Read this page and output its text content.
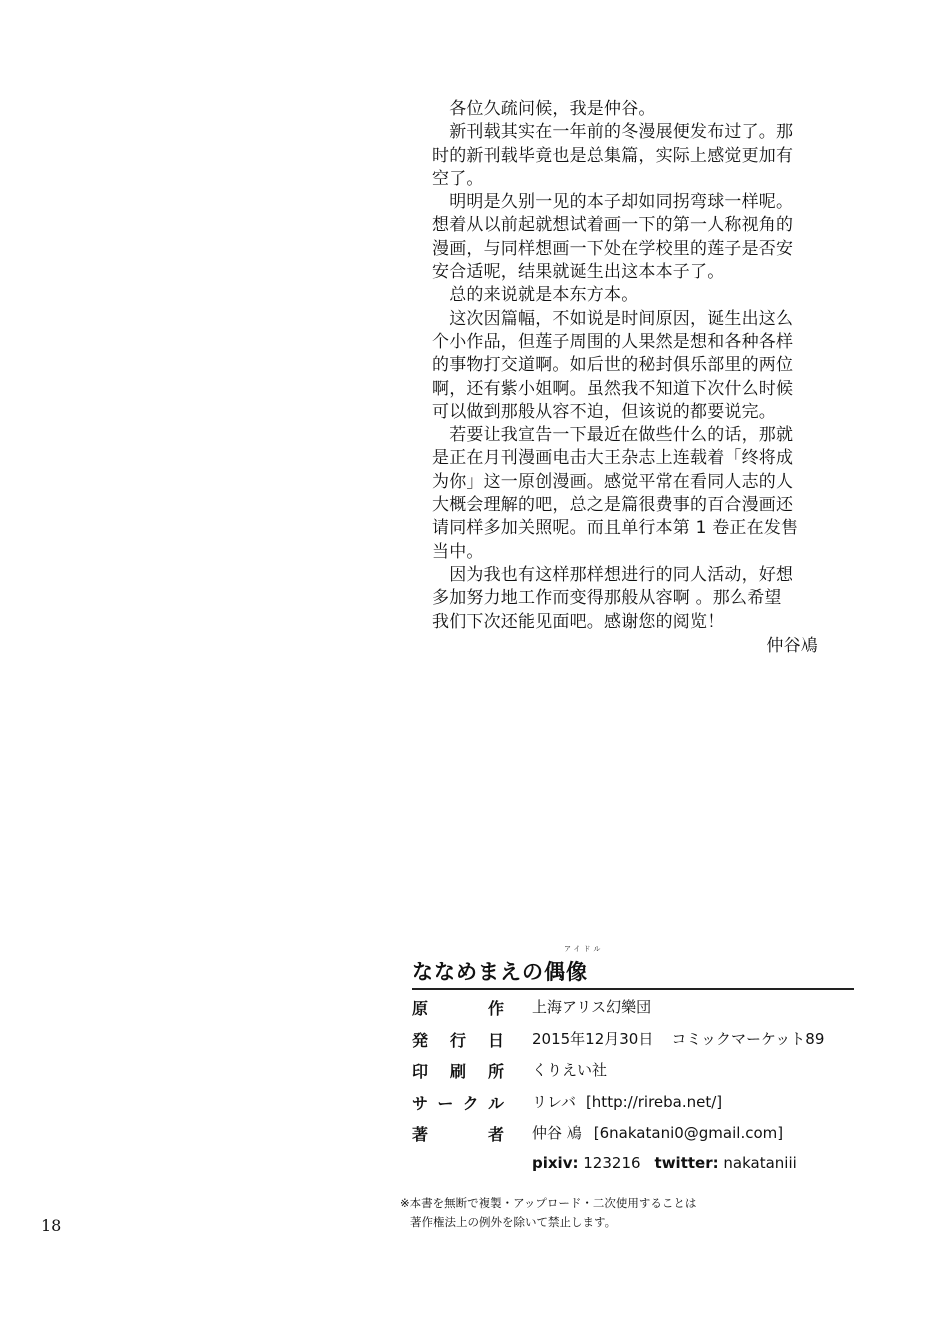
　各位久疏问候，我是仲谷。

　新刊载其实在一年前的冬漫展便发布过了。那

时的新刊载毕竟也是总集篇，实际上感觉更加有

空了。

　明明是久别一见的本子却如同拐弯球一样呢。

想着从以前起就想试着画一下的第一人称视角的

漫画，与同样想画一下处在学校里的莲子是否安

安合适呢，结果就诞生出这本本子了。

　总的来说就是本东方本。

　这次因篇幅，不如说是时间原因，诞生出这么

个小作品，但莲子周围的人果然是想和各种各样

的事物打交道啊。如后世的秘封俱乐部里的两位

啊，还有紫小姐啊。虽然我不知道下次什么时候

可以做到那般从容不迫，但该说的都要说完。

　若要让我宣告一下最近在做些什么的话，那就

是正在月刊漫画电击大王杂志上连载着「终将成

为你」这一原创漫画。感觉平常在看同人志的人

大概会理解的吧，总之是篇很费事的百合漫画还

请同样多加关照呢。而且单行本第 1 卷正在发售

当中。

　因为我也有这样那样想进行的同人活动，好想

多加努力地工作而变得那般从容啊 。那么希望

我们下次还能见面吧。感谢您的阅览！

仲谷鳰

アイドル
ななめまえの偶像
原	作 上海アリス幻樂団
発 行 日 2015年12月30日 コミックマーケット89
印 刷 所 くりえい社
サ ー ク ル リレバ [http://rireba.net/]
著	者 仲谷 鳰 [6nakatani0@gmail.com]
pixiv: 123216 twitter: nakataniii
※本書を無断で複製・アップロード・二次使用することは
著作権法上の例外を除いて禁止します。
18
